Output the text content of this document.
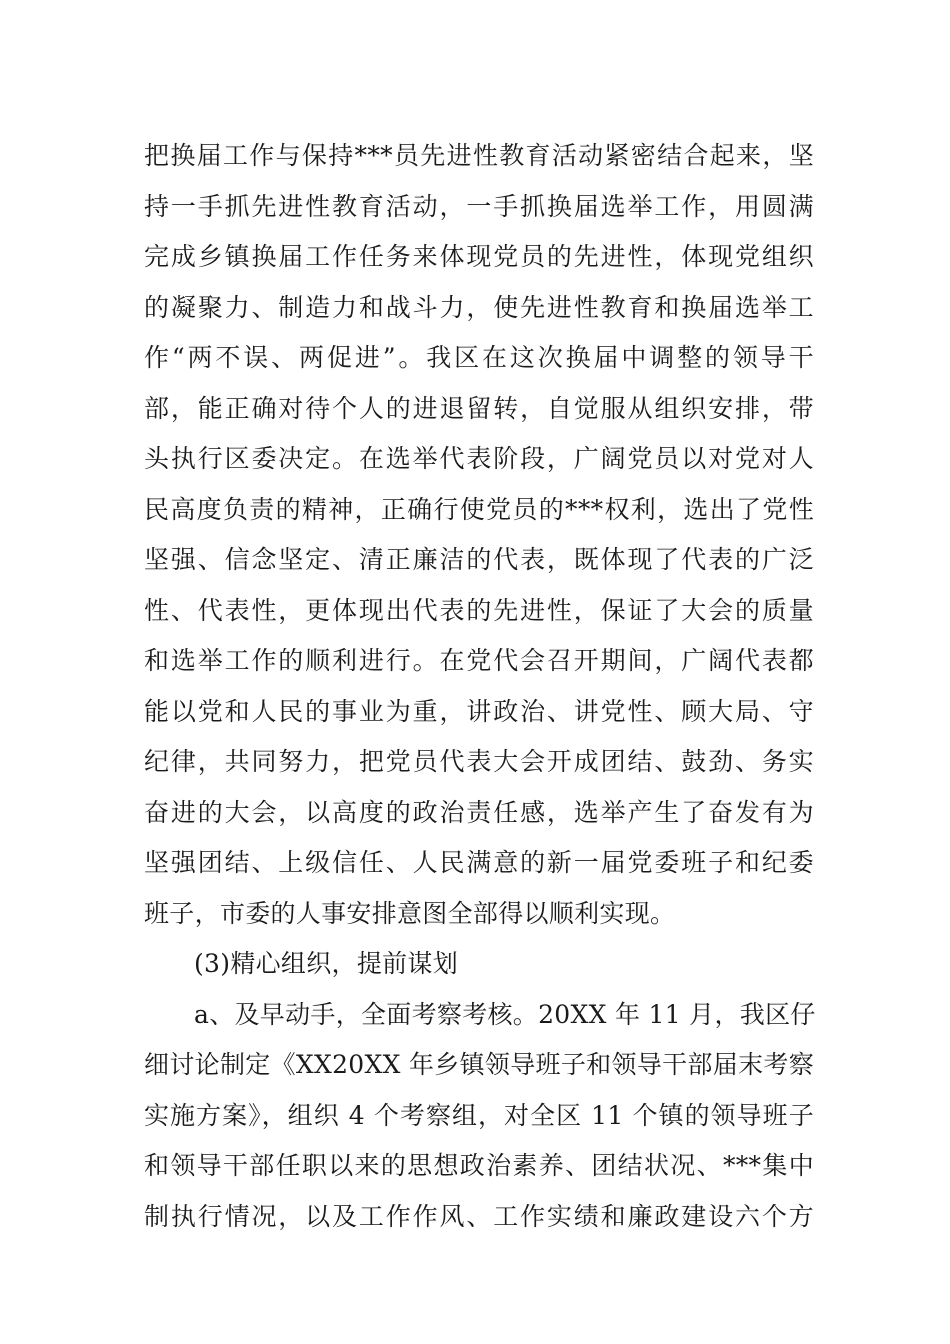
把换届工作与保持***员先进性教育活动紧密结合起来，坚
持一手抓先进性教育活动，一手抓换届选举工作，用圆满
完成乡镇换届工作任务来体现党员的先进性，体现党组织
的凝聚力、制造力和战斗力，使先进性教育和换届选举工
作“两不误、两促进”。我区在这次换届中调整的领导干
部，能正确对待个人的进退留转，自觉服从组织安排，带
头执行区委决定。在选举代表阶段，广阔党员以对党对人
民高度负责的精神，正确行使党员的***权利，选出了党性
坚强、信念坚定、清正廉洁的代表，既体现了代表的广泛
性、代表性，更体现出代表的先进性，保证了大会的质量
和选举工作的顺利进行。在党代会召开期间，广阔代表都
能以党和人民的事业为重，讲政治、讲党性、顾大局、守
纪律，共同努力，把党员代表大会开成团结、鼓劲、务实
奋进的大会，以高度的政治责任感，选举产生了奋发有为
坚强团结、上级信任、人民满意的新一届党委班子和纪委
班子，市委的人事安排意图全部得以顺利实现。
(3)精心组织，提前谋划
a、及早动手，全面考察考核。20XX 年 11 月，我区仔
细讨论制定《XX20XX 年乡镇领导班子和领导干部届末考察
实施方案》，组织 4 个考察组，对全区 11 个镇的领导班子
和领导干部任职以来的思想政治素养、团结状况、***集中
制执行情况，以及工作作风、工作实绩和廉政建设六个方
